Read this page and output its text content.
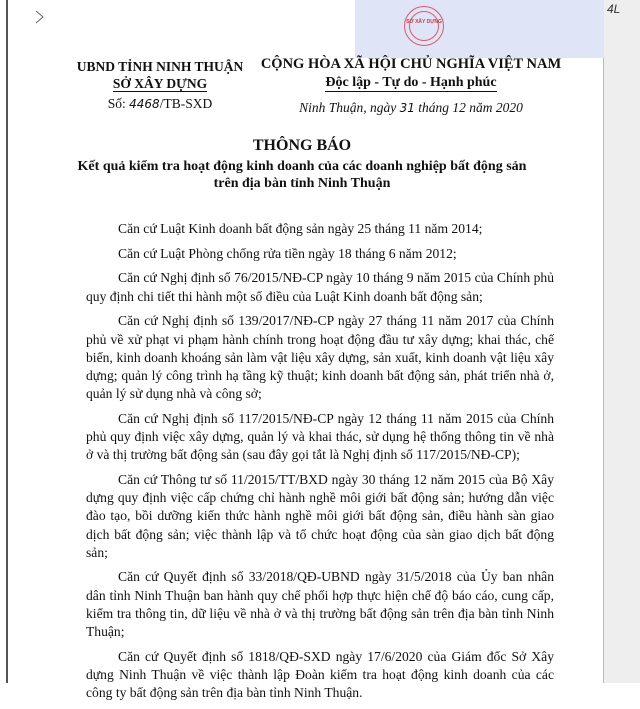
SỞ XÂY DỰNG
4L
UBND TỈNH NINH THUẬN
SỞ XÂY DỰNG
Số: 4468/TB-SXD
CỘNG HÒA XÃ HỘI CHỦ NGHĨA VIỆT NAM
Độc lập - Tự do - Hạnh phúc
Ninh Thuận, ngày 31 tháng 12 năm 2020
THÔNG BÁO
Kết quả kiểm tra hoạt động kinh doanh của các doanh nghiệp bất động sản
trên địa bàn tỉnh Ninh Thuận

Căn cứ Luật Kinh doanh bất động sản ngày 25 tháng 11 năm 2014;

Căn cứ Luật Phòng chống rửa tiền ngày 18 tháng 6 năm 2012;

Căn cứ Nghị định số 76/2015/NĐ-CP ngày 10 tháng 9 năm 2015 của Chính phủ quy định chi tiết thi hành một số điều của Luật Kinh doanh bất động sản;

Căn cứ Nghị định số 139/2017/NĐ-CP ngày 27 tháng 11 năm 2017 của Chính phủ về xử phạt vi phạm hành chính trong hoạt động đầu tư xây dựng; khai thác, chế biến, kinh doanh khoáng sản làm vật liệu xây dựng, sản xuất, kinh doanh vật liệu xây dựng; quản lý công trình hạ tầng kỹ thuật; kinh doanh bất động sản, phát triển nhà ở, quản lý sử dụng nhà và công sở;

Căn cứ Nghị định số 117/2015/NĐ-CP ngày 12 tháng 11 năm 2015 của Chính phủ quy định việc xây dựng, quản lý và khai thác, sử dụng hệ thống thông tin về nhà ở và thị trường bất động sản (sau đây gọi tắt là Nghị định số 117/2015/NĐ-CP);

Căn cứ Thông tư số 11/2015/TT/BXD ngày 30 tháng 12 năm 2015 của Bộ Xây dựng quy định việc cấp chứng chỉ hành nghề môi giới bất động sản; hướng dẫn việc đào tạo, bồi dưỡng kiến thức hành nghề môi giới bất động sản, điều hành sàn giao dịch bất động sản; việc thành lập và tổ chức hoạt động của sàn giao dịch bất động sản;

Căn cứ Quyết định số 33/2018/QĐ-UBND ngày 31/5/2018 của Ủy ban nhân dân tỉnh Ninh Thuận ban hành quy chế phối hợp thực hiện chế độ báo cáo, cung cấp, kiểm tra thông tin, dữ liệu về nhà ở và thị trường bất động sản trên địa bàn tỉnh Ninh Thuận;

Căn cứ Quyết định số 1818/QĐ-SXD ngày 17/6/2020 của Giám đốc Sở Xây dựng Ninh Thuận về việc thành lập Đoàn kiểm tra hoạt động kinh doanh của các công ty bất động sản trên địa bàn tỉnh Ninh Thuận.
